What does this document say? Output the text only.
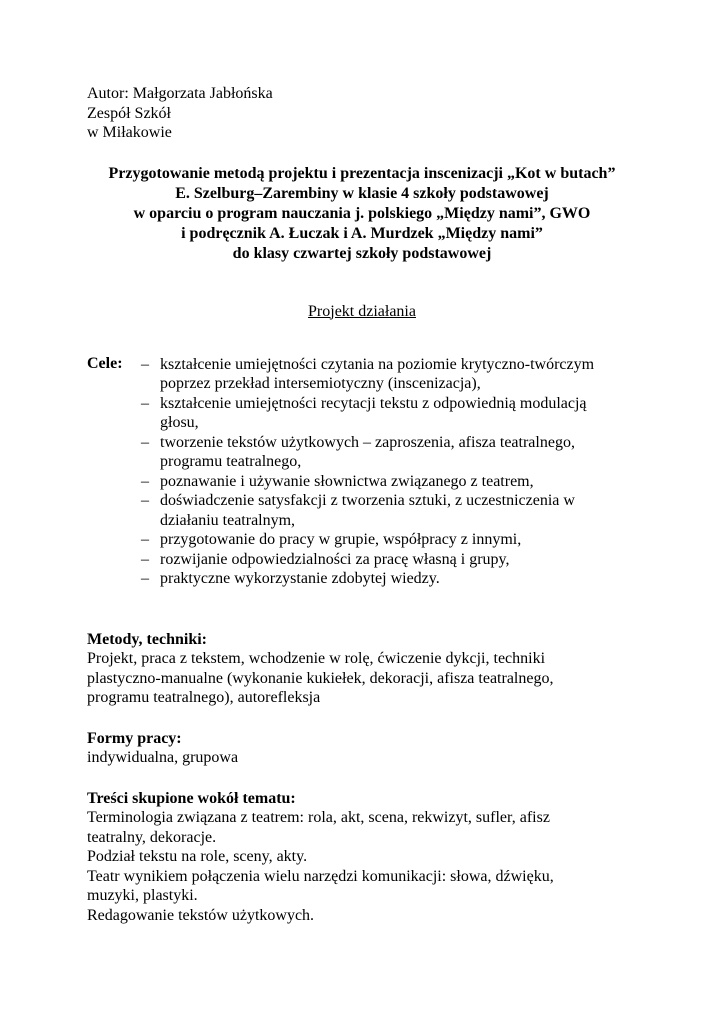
Autor: Małgorzata Jabłońska
Zespół Szkół
w Miłakowie
Przygotowanie metodą projektu i prezentacja inscenizacji „Kot w butach”
E. Szelburg–Zarembiny w klasie 4 szkoły podstawowej
w oparciu o program nauczania j. polskiego „Między nami”, GWO
i podręcznik A. Łuczak i A. Murdzek „Między nami”
do klasy czwartej szkoły podstawowej
Projekt działania
Cele:	– kształcenie umiejętności czytania na poziomie krytyczno-twórczym
poprzez przekład intersemiotyczny (inscenizacja),
– kształcenie umiejętności recytacji tekstu z odpowiednią modulacją
głosu,
– tworzenie tekstów użytkowych – zaproszenia, afisza teatralnego,
programu teatralnego,
– poznawanie i używanie słownictwa związanego z teatrem,
– doświadczenie satysfakcji z tworzenia sztuki, z uczestniczenia w
działaniu teatralnym,
– przygotowanie do pracy w grupie, współpracy z innymi,
– rozwijanie odpowiedzialności za pracę własną i grupy,
– praktyczne wykorzystanie zdobytej wiedzy.
Metody, techniki:
Projekt, praca z tekstem, wchodzenie w rolę, ćwiczenie dykcji, techniki
plastyczno-manualne (wykonanie kukiełek, dekoracji, afisza teatralnego,
programu teatralnego), autorefleksja
Formy pracy:
indywidualna, grupowa
Treści skupione wokół tematu:
Terminologia związana z teatrem: rola, akt, scena, rekwizyt, sufler, afisz
teatralny, dekoracje.
Podział tekstu na role, sceny, akty.
Teatr wynikiem połączenia wielu narzędzi komunikacji: słowa, dźwięku,
muzyki, plastyki.
Redagowanie tekstów użytkowych.
